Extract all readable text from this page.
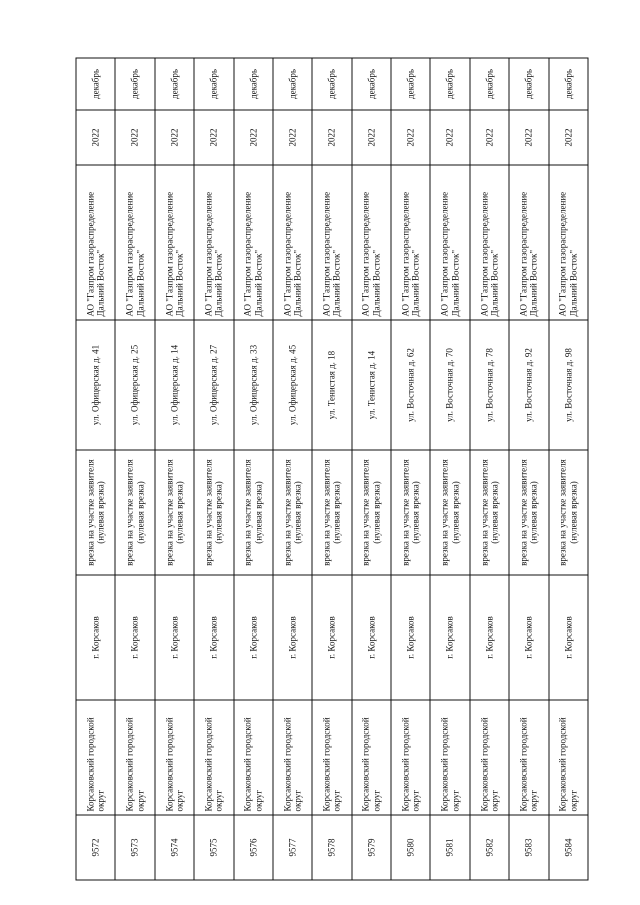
9572	Корсаковский городской округ	г. Корсаков	врезка на участке заявителя (нулевая врезка)	ул. Офицерская д. 41	АО "Газпром газораспределение Дальний Восток"	2022	декабрь
9573	Корсаковский городской округ	г. Корсаков	врезка на участке заявителя (нулевая врезка)	ул. Офицерская д. 25	АО "Газпром газораспределение Дальний Восток"	2022	декабрь
9574	Корсаковский городской округ	г. Корсаков	врезка на участке заявителя (нулевая врезка)	ул. Офицерская д. 14	АО "Газпром газораспределение Дальний Восток"	2022	декабрь
9575	Корсаковский городской округ	г. Корсаков	врезка на участке заявителя (нулевая врезка)	ул. Офицерская д. 27	АО "Газпром газораспределение Дальний Восток"	2022	декабрь
9576	Корсаковский городской округ	г. Корсаков	врезка на участке заявителя (нулевая врезка)	ул. Офицерская д. 33	АО "Газпром газораспределение Дальний Восток"	2022	декабрь
9577	Корсаковский городской округ	г. Корсаков	врезка на участке заявителя (нулевая врезка)	ул. Офицерская д. 45	АО "Газпром газораспределение Дальний Восток"	2022	декабрь
9578	Корсаковский городской округ	г. Корсаков	врезка на участке заявителя (нулевая врезка)	ул. Тенистая д. 18	АО "Газпром газораспределение Дальний Восток"	2022	декабрь
9579	Корсаковский городской округ	г. Корсаков	врезка на участке заявителя (нулевая врезка)	ул. Тенистая д. 14	АО "Газпром газораспределение Дальний Восток"	2022	декабрь
9580	Корсаковский городской округ	г. Корсаков	врезка на участке заявителя (нулевая врезка)	ул. Восточная д. 62	АО "Газпром газораспределение Дальний Восток"	2022	декабрь
9581	Корсаковский городской округ	г. Корсаков	врезка на участке заявителя (нулевая врезка)	ул. Восточная д. 70	АО "Газпром газораспределение Дальний Восток"	2022	декабрь
9582	Корсаковский городской округ	г. Корсаков	врезка на участке заявителя (нулевая врезка)	ул. Восточная д. 78	АО "Газпром газораспределение Дальний Восток"	2022	декабрь
9583	Корсаковский городской округ	г. Корсаков	врезка на участке заявителя (нулевая врезка)	ул. Восточная д. 92	АО "Газпром газораспределение Дальний Восток"	2022	декабрь
9584	Корсаковский городской округ	г. Корсаков	врезка на участке заявителя (нулевая врезка)	ул. Восточная д. 98	АО "Газпром газораспределение Дальний Восток"	2022	декабрь
